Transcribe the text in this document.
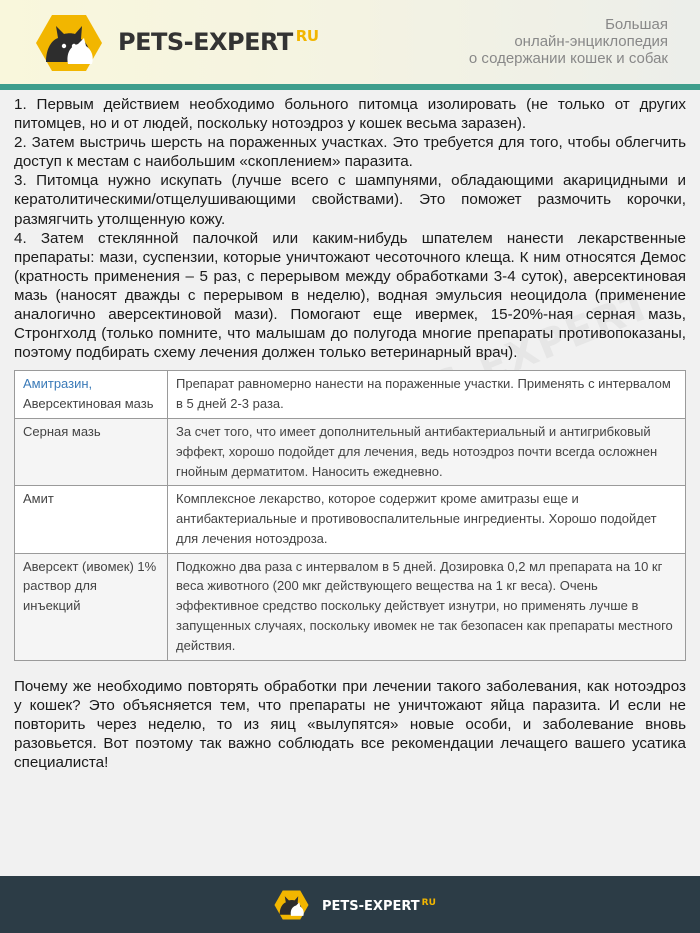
PETS-EXPERT $^{RU}$
Большая
онлайн-энциклопедия
о содержании кошек и собак

1. Первым действием необходимо больного питомца изолировать (не только от других питомцев, но и от людей, поскольку нотоэдроз у кошек весьма заразен).

2. Затем выстричь шерсть на пораженных участках. Это требуется для того, чтобы облегчить доступ к местам с наибольшим «скоплением» паразита.

3. Питомца нужно искупать (лучше всего с шампунями, обладающими акарицидными и кератолитическими/отщелушивающими свойствами). Это поможет размочить корочки, размягчить утолщенную кожу.

4. Затем стеклянной палочкой или каким-нибудь шпателем нанести лекарственные препараты: мази, суспензии, которые уничтожают чесоточного клеща. К ним относятся Демос (кратность применения – 5 раз, с перерывом между обработками 3-4 суток), аверсектиновая мазь (наносят дважды с перерывом в неделю), водная эмульсия неоцидола (применение аналогично аверсектиновой мази). Помогают еще ивермек, 15-20%-ная серная мазь, Стронгхолд (только помните, что малышам до полугода многие препараты противопоказаны, поэтому подбирать схему лечения должен только ветеринарный врач).

Амитразин,
Аверсектиновая мазь	Препарат равномерно нанести на пораженные участки. Применять с интервалом в 5 дней 2-3 раза.
Серная мазь	За счет того, что имеет дополнительный антибактериальный и антигрибковый эффект, хорошо подойдет для лечения, ведь нотоэдроз почти всегда осложнен гнойным дерматитом. Наносить ежедневно.
Амит	Комплексное лекарство, которое содержит кроме амитразы еще и антибактериальные и противовоспалительные ингредиенты. Хорошо подойдет для лечения нотоэдроза.
Аверсект (ивомек) 1% раствор для инъекций	Подкожно два раза с интервалом в 5 дней. Дозировка 0,2 мл препарата на 10 кг веса животного (200 мкг действующего вещества на 1 кг веса). Очень эффективное средство поскольку действует изнутри, но применять лучше в запущенных случаях, поскольку ивомек не так безопасен как препараты местного действия.

Почему же необходимо повторять обработки при лечении такого заболевания, как нотоэдроз у кошек? Это объясняется тем, что препараты не уничтожают яйца паразита. И если не повторить через неделю, то из яиц «вылупятся» новые особи, и заболевание вновь разовьется. Вот поэтому так важно соблюдать все рекомендации лечащего вашего усатика специалиста!

PETS-EXPERT $^{RU}$
